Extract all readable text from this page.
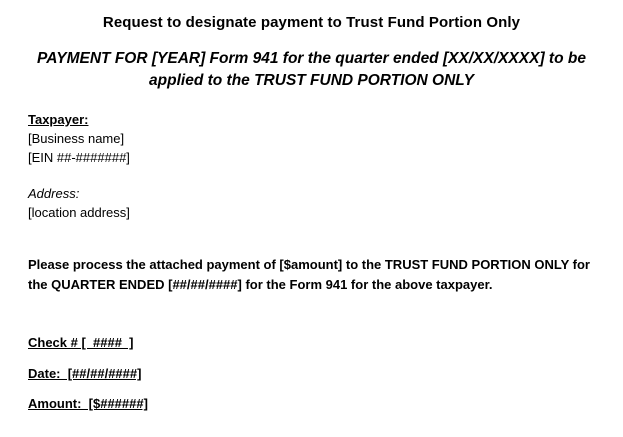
Request to designate payment to Trust Fund Portion Only
PAYMENT FOR [YEAR] Form 941 for the quarter ended [XX/XX/XXXX] to be
applied to the TRUST FUND PORTION ONLY
Taxpayer:
[Business name]
[EIN ##-#######]
Address:
[location address]
Please process the attached payment of [$amount] to the TRUST FUND PORTION ONLY for
the QUARTER ENDED [##/##/####] for the Form 941 for the above taxpayer.
Check # [  ####  ]
Date:  [##/##/####]
Amount:  [$######]
